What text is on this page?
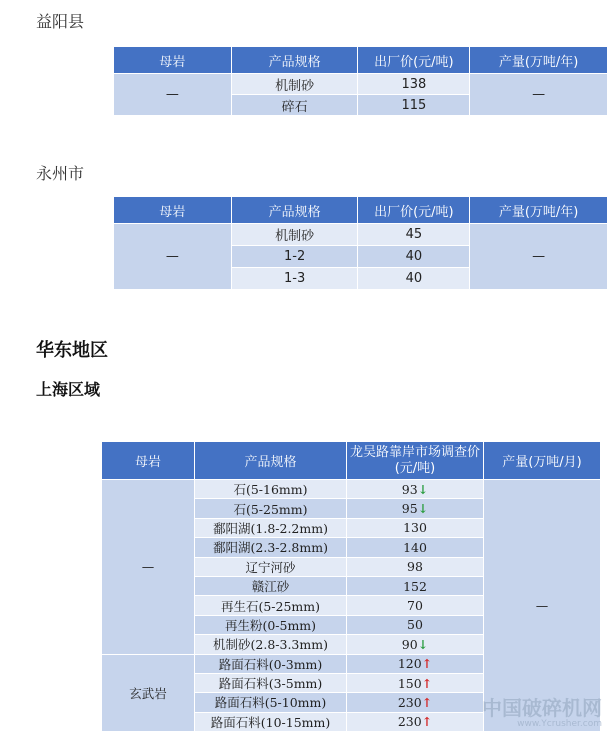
益阳县
母岩	产品规格	出厂价(元/吨)	产量(万吨/年)
—	机制砂	138	—
	碎石	115	
永州市
母岩	产品规格	出厂价(元/吨)	产量(万吨/年)
—	机制砂	45	—
	1-2	40	
	1-3	40	
华东地区
上海区域
母岩	产品规格	龙吴路靠岸市场调查价(元/吨)	产量(万吨/月)
—	石(5-16mm)	93↓	—
	石(5-25mm)	95↓	
	鄱阳湖(1.8-2.2mm)	130	
	鄱阳湖(2.3-2.8mm)	140	
	辽宁河砂	98	
	赣江砂	152	
	再生石(5-25mm)	70	
	再生粉(0-5mm)	50	
	机制砂(2.8-3.3mm)	90↓	
玄武岩	路面石料(0-3mm)	120↑	
	路面石料(3-5mm)	150↑	
	路面石料(5-10mm)	230↑	
	路面石料(10-15mm)	230↑	
中国破碎机网
www.Ycrusher.com
